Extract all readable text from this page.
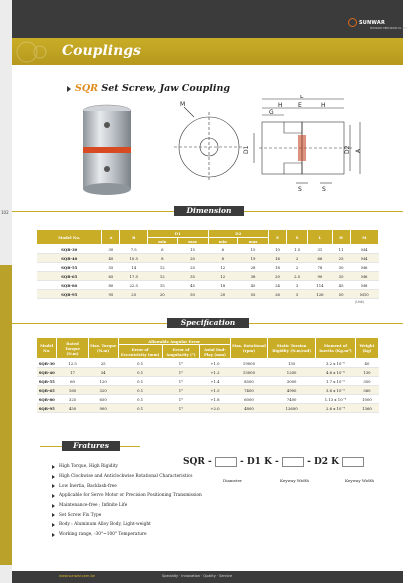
102
SUNWAR
SHUNWAY PRECISION CO.,LTD
Couplings
SQR Set Screw, Jaw Coupling
M
L
H	H
E
G
D1	D2 A
S	S
Dimension
Model No.	A	B	D1		D2		E	S	L	H	M
			min	max	min	max					
SQR-30	30	7.5	6	15	6	15	10	1.5	31	11	M4
SQR-40	40	10.5	8	20	8	19	16	2	66	25	M4
SQR-55	55	14	12	25	12	28	18	2	78	30	M6
SQR-65	65	17.5	12	35	12	38	20	2.5	90	35	M6
SQR-80	80	22.5	15	45	18	45	24	3	114	45	M8
SQR-95	95	25	20	50	20	55	26	3	126	50	M10
(Unit)
Specification
Model No.	Rated Torque (N.m)	Max. Torque (N.m)	Allowable Angular Error			Max. Rotational (rpm)	Static Torsion Rigidity (N.m/rad)	Moment of Inertia (Kg.m²)	Weight (kg)
			Error of Eccentricity (mm)	Error of Angularity (°)	Axial End-Play (mm)				
SQR-30	12.5	25	0.1	1°	+1.0	19000	135	3.2 x 10⁻⁶	40
SQR-40	17	34	0.1	1°	+1.2	15000	1200	4.6 x 10⁻⁶	130
SQR-55	60	120	0.1	1°	+1.4	8500	3000	1.7 x 10⁻⁵	350
SQR-65	160	320	0.1	1°	+1.5	7400	4900	3.6 x 10⁻⁵	560
SQR-80	325	650	0.1	1°	+1.8	6000	7400	1.13 x 10⁻⁴	1000
SQR-95	450	900	0.1	1°	+2.0	4800	12600	2.6 x 10⁻⁴	1360
Fratures
High Torque, High Rigidity
High Clockwise and Anticlockwise Rotational Characteristics
Low Inertia, Backlash-free
Applicable for Servo Motor or Precision Positioning Transmission
Maintenance-free ; Infinite Life
Set Screw Fix Type
Body : Aluminum Alloy Body, Light-weight
Working range, -30°~100° Temperature
SQR -	- D1 K -	- D2 K
Diameter	Keyway Width	Keyway Width
www.sunwar.com.tw	Specialty · Innovation · Quality · Service
